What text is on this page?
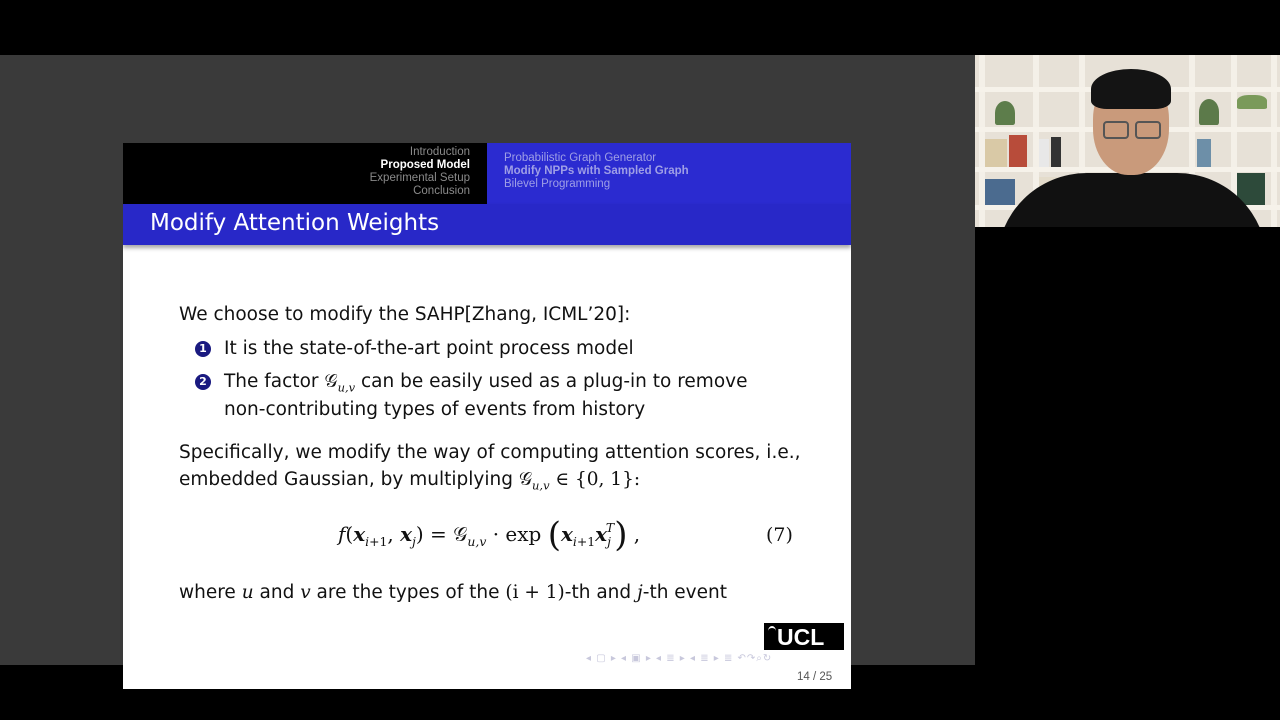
Introduction
Proposed Model
Experimental Setup
Conclusion
Probabilistic Graph Generator
Modify NPPs with Sampled Graph
Bilevel Programming
Modify Attention Weights
We choose to modify the SAHP[Zhang, ICML’20]:
1 It is the state-of-the-art point process model
2 The factor 𝒢$_{u,v}$ can be easily used as a plug-in to remove
non-contributing types of events from history
Specifically, we modify the way of computing attention scores, i.e.,
embedded Gaussian, by multiplying 𝒢$_{u,v}$ ∈ {0, 1}:
$f(x_{i+1}$, $x_j$) = 𝒢$_{u,v}$ · $\exp (x_{i+1}x_j^T)$ ,	(7)
where u and v are the types of the (i + 1)-th and j-th event
UCL
◂ ▢ ▸ ◂ ▣ ▸ ◂ ≣ ▸ ◂ ≣ ▸ ≣ ↶↷⌕↻
14 / 25
